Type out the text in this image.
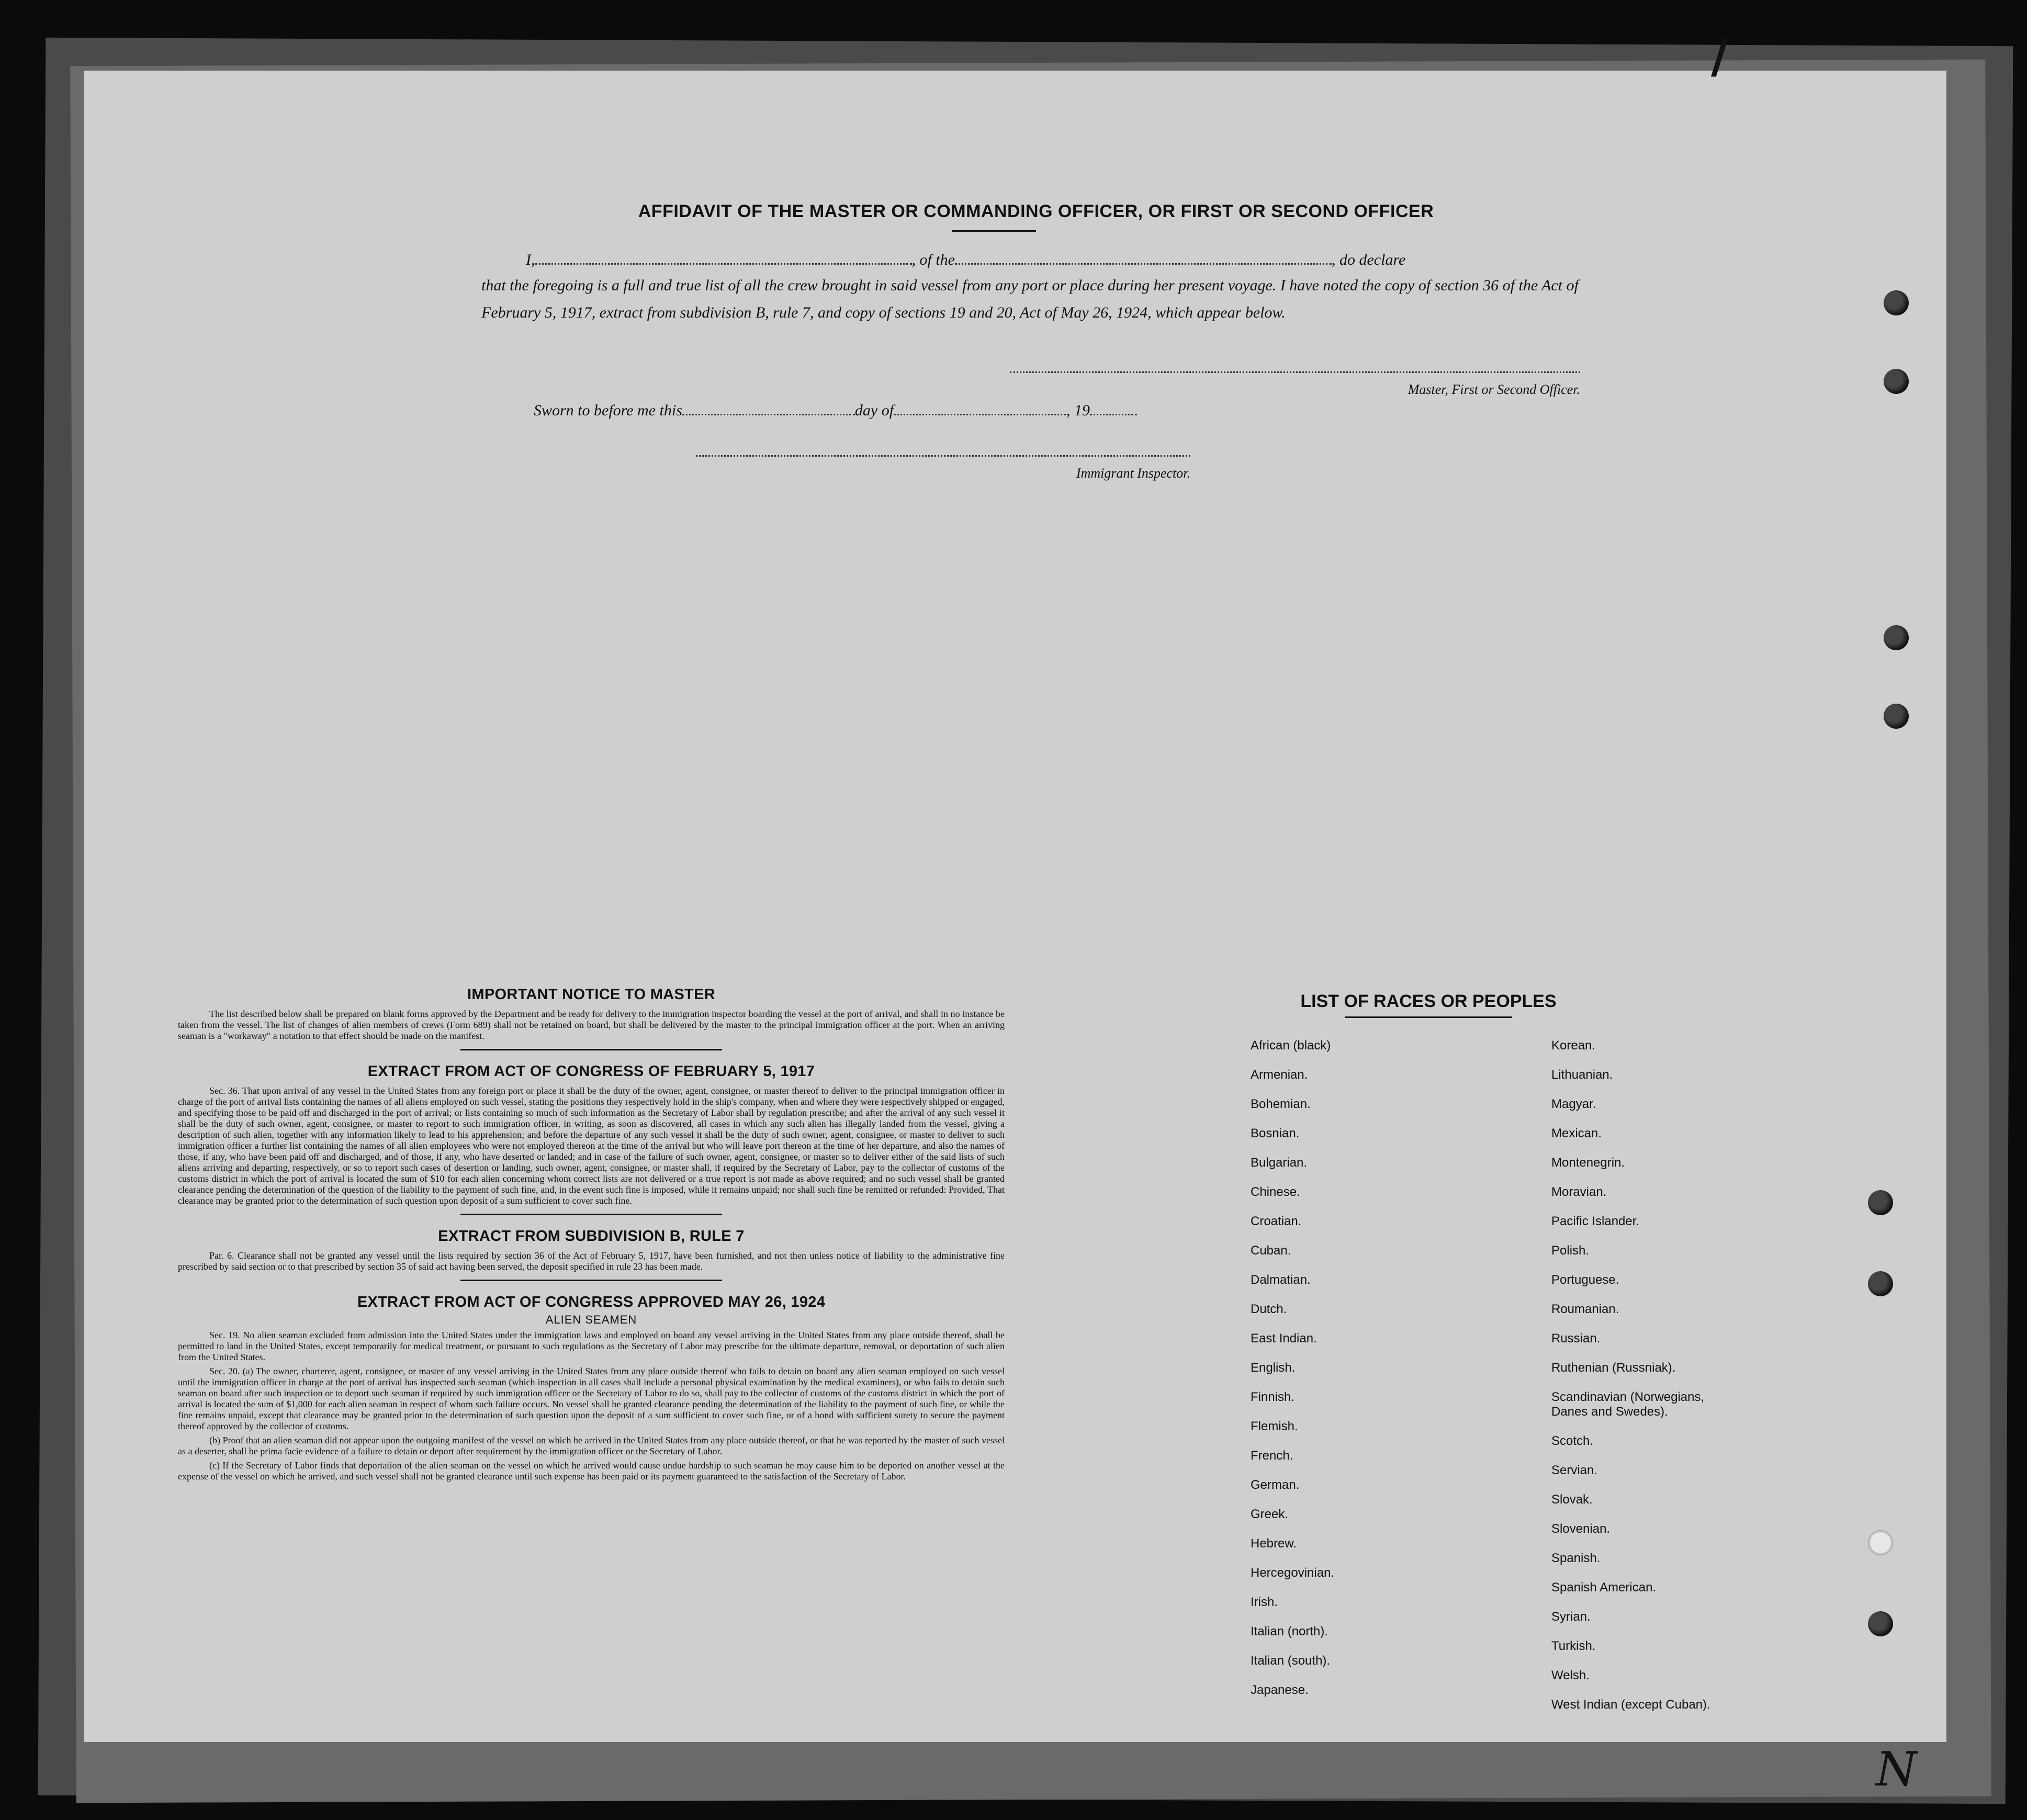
AFFIDAVIT OF THE MASTER OR COMMANDING OFFICER, OR FIRST OR SECOND OFFICER
I,	, of the	, do declare
that the foregoing is a full and true list of all the crew brought in said vessel from any port or place during her present voyage. I have noted the copy of section 36 of the Act of February 5, 1917, extract from subdivision B, rule 7, and copy of sections 19 and 20, Act of May 26, 1924, which appear below.
Master, First or Second Officer.
Sworn to before me this	day of	, 19
Immigrant Inspector.
IMPORTANT NOTICE TO MASTER

The list described below shall be prepared on blank forms approved by the Department and be ready for delivery to the immigration inspector boarding the vessel at the port of arrival, and shall in no instance be taken from the vessel. The list of changes of alien members of crews (Form 689) shall not be retained on board, but shall be delivered by the master to the principal immigration officer at the port. When an arriving seaman is a "workaway" a notation to that effect should be made on the manifest.

EXTRACT FROM ACT OF CONGRESS OF FEBRUARY 5, 1917

Sec. 36. That upon arrival of any vessel in the United States from any foreign port or place it shall be the duty of the owner, agent, consignee, or master thereof to deliver to the principal immigration officer in charge of the port of arrival lists containing the names of all aliens employed on such vessel, stating the positions they respectively hold in the ship's company, when and where they were respectively shipped or engaged, and specifying those to be paid off and discharged in the port of arrival; or lists containing so much of such information as the Secretary of Labor shall by regulation prescribe; and after the arrival of any such vessel it shall be the duty of such owner, agent, consignee, or master to report to such immigration officer, in writing, as soon as discovered, all cases in which any such alien has illegally landed from the vessel, giving a description of such alien, together with any information likely to lead to his apprehension; and before the departure of any such vessel it shall be the duty of such owner, agent, consignee, or master to deliver to such immigration officer a further list containing the names of all alien employees who were not employed thereon at the time of the arrival but who will leave port thereon at the time of her departure, and also the names of those, if any, who have been paid off and discharged, and of those, if any, who have deserted or landed; and in case of the failure of such owner, agent, consignee, or master so to deliver either of the said lists of such aliens arriving and departing, respectively, or so to report such cases of desertion or landing, such owner, agent, consignee, or master shall, if required by the Secretary of Labor, pay to the collector of customs of the customs district in which the port of arrival is located the sum of $10 for each alien concerning whom correct lists are not delivered or a true report is not made as above required; and no such vessel shall be granted clearance pending the determination of the question of the liability to the payment of such fine, and, in the event such fine is imposed, while it remains unpaid; nor shall such fine be remitted or refunded: Provided, That clearance may be granted prior to the determination of such question upon deposit of a sum sufficient to cover such fine.

EXTRACT FROM SUBDIVISION B, RULE 7

Par. 6. Clearance shall not be granted any vessel until the lists required by section 36 of the Act of February 5, 1917, have been furnished, and not then unless notice of liability to the administrative fine prescribed by said section or to that prescribed by section 35 of said act having been served, the deposit specified in rule 23 has been made.

EXTRACT FROM ACT OF CONGRESS APPROVED MAY 26, 1924
ALIEN SEAMEN

Sec. 19. No alien seaman excluded from admission into the United States under the immigration laws and employed on board any vessel arriving in the United States from any place outside thereof, shall be permitted to land in the United States, except temporarily for medical treatment, or pursuant to such regulations as the Secretary of Labor may prescribe for the ultimate departure, removal, or deportation of such alien from the United States.

Sec. 20. (a) The owner, charterer, agent, consignee, or master of any vessel arriving in the United States from any place outside thereof who fails to detain on board any alien seaman employed on such vessel until the immigration officer in charge at the port of arrival has inspected such seaman (which inspection in all cases shall include a personal physical examination by the medical examiners), or who fails to detain such seaman on board after such inspection or to deport such seaman if required by such immigration officer or the Secretary of Labor to do so, shall pay to the collector of customs of the customs district in which the port of arrival is located the sum of $1,000 for each alien seaman in respect of whom such failure occurs. No vessel shall be granted clearance pending the determination of the liability to the payment of such fine, or while the fine remains unpaid, except that clearance may be granted prior to the determination of such question upon the deposit of a sum sufficient to cover such fine, or of a bond with sufficient surety to secure the payment thereof approved by the collector of customs.

(b) Proof that an alien seaman did not appear upon the outgoing manifest of the vessel on which he arrived in the United States from any place outside thereof, or that he was reported by the master of such vessel as a deserter, shall be prima facie evidence of a failure to detain or deport after requirement by the immigration officer or the Secretary of Labor.

(c) If the Secretary of Labor finds that deportation of the alien seaman on the vessel on which he arrived would cause undue hardship to such seaman he may cause him to be deported on another vessel at the expense of the vessel on which he arrived, and such vessel shall not be granted clearance until such expense has been paid or its payment guaranteed to the satisfaction of the Secretary of Labor.

LIST OF RACES OR PEOPLES
African (black)
Armenian.
Bohemian.
Bosnian.
Bulgarian.
Chinese.
Croatian.
Cuban.
Dalmatian.
Dutch.
East Indian.
English.
Finnish.
Flemish.
French.
German.
Greek.
Hebrew.
Hercegovinian.
Irish.
Italian (north).
Italian (south).
Japanese.
Korean.
Lithuanian.
Magyar.
Mexican.
Montenegrin.
Moravian.
Pacific Islander.
Polish.
Portuguese.
Roumanian.
Russian.
Ruthenian (Russniak).
Scandinavian (Norwegians,
Danes and Swedes).
Scotch.
Servian.
Slovak.
Slovenian.
Spanish.
Spanish American.
Syrian.
Turkish.
Welsh.
West Indian (except Cuban).
/
N
